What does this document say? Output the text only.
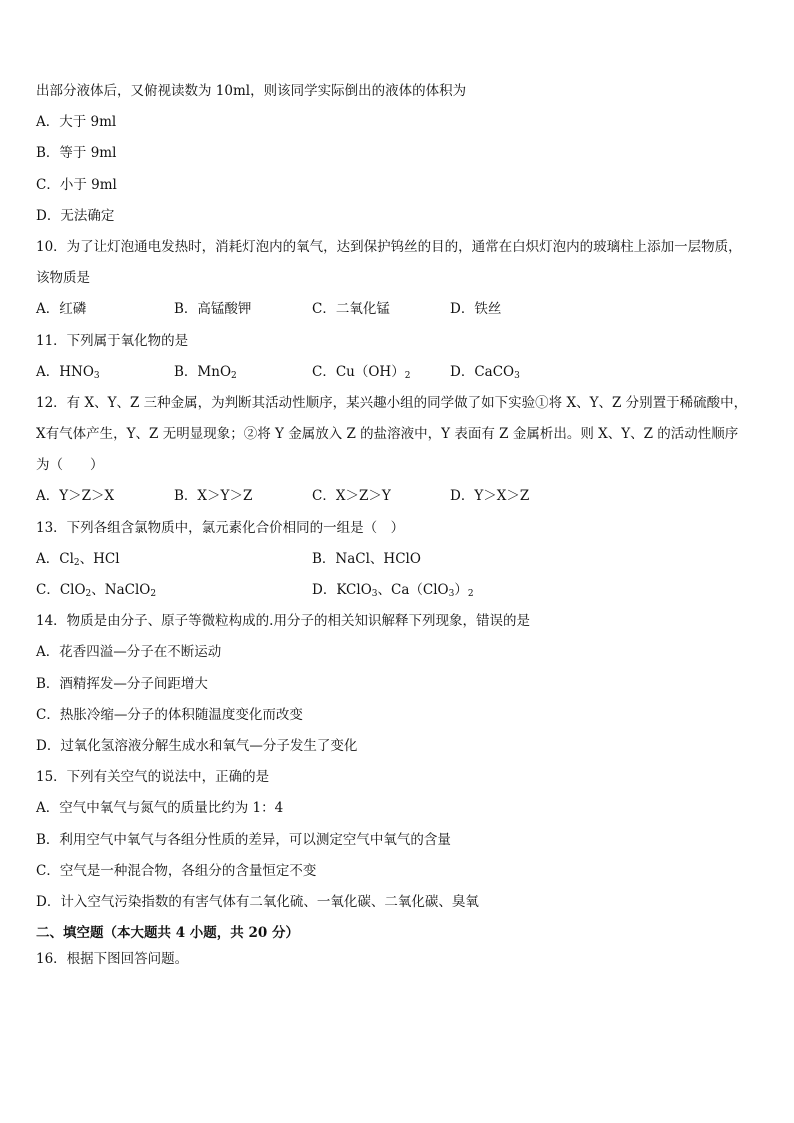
出部分液体后，又俯视读数为 10ml，则该同学实际倒出的液体的体积为
A．大于 9ml
B．等于 9ml
C．小于 9ml
D．无法确定
10．为了让灯泡通电发热时，消耗灯泡内的氧气，达到保护钨丝的目的，通常在白炽灯泡内的玻璃柱上添加一层物质，
该物质是
A．红磷	B．高锰酸钾	C．二氧化锰	D．铁丝
11．下列属于氧化物的是
A．$HNO_3$	B．MnO$_2$	C．$Cu(OH)_2$	D．CaCO$_3$
12．有 X、Y、Z 三种金属，为判断其活动性顺序，某兴趣小组的同学做了如下实验①将 X、Y、Z 分别置于稀硫酸中，
X有气体产生，Y、Z 无明显现象；②将 Y 金属放入 Z 的盐溶液中，Y 表面有 Z 金属析出。则 X、Y、Z 的活动性顺序
为（　　）
A．Y＞Z＞X	B．X＞Y＞Z	C．X＞Z＞Y	D．Y＞X＞Z
13．下列各组含氯物质中，氯元素化合价相同的一组是（　）
A．$Cl_2$、HCl	B．NaCl、HClO
C．ClO$_2$、NaClO$_2$	D．KClO$_3$、$Ca(ClO_3)_2$
14．物质是由分子、原子等微粒构成的.用分子的相关知识解释下列现象，错误的是
A．花香四溢—分子在不断运动
B．酒精挥发—分子间距增大
C．热胀冷缩—分子的体积随温度变化而改变
D．过氧化氢溶液分解生成水和氧气—分子发生了变化
15．下列有关空气的说法中，正确的是
A．空气中氧气与氮气的质量比约为 1：4
B．利用空气中氧气与各组分性质的差异，可以测定空气中氧气的含量
C．空气是一种混合物，各组分的含量恒定不变
D．计入空气污染指数的有害气体有二氧化硫、一氧化碳、二氧化碳、臭氧
二、填空题（本大题共 4 小题，共 20 分）
16．根据下图回答问题。
